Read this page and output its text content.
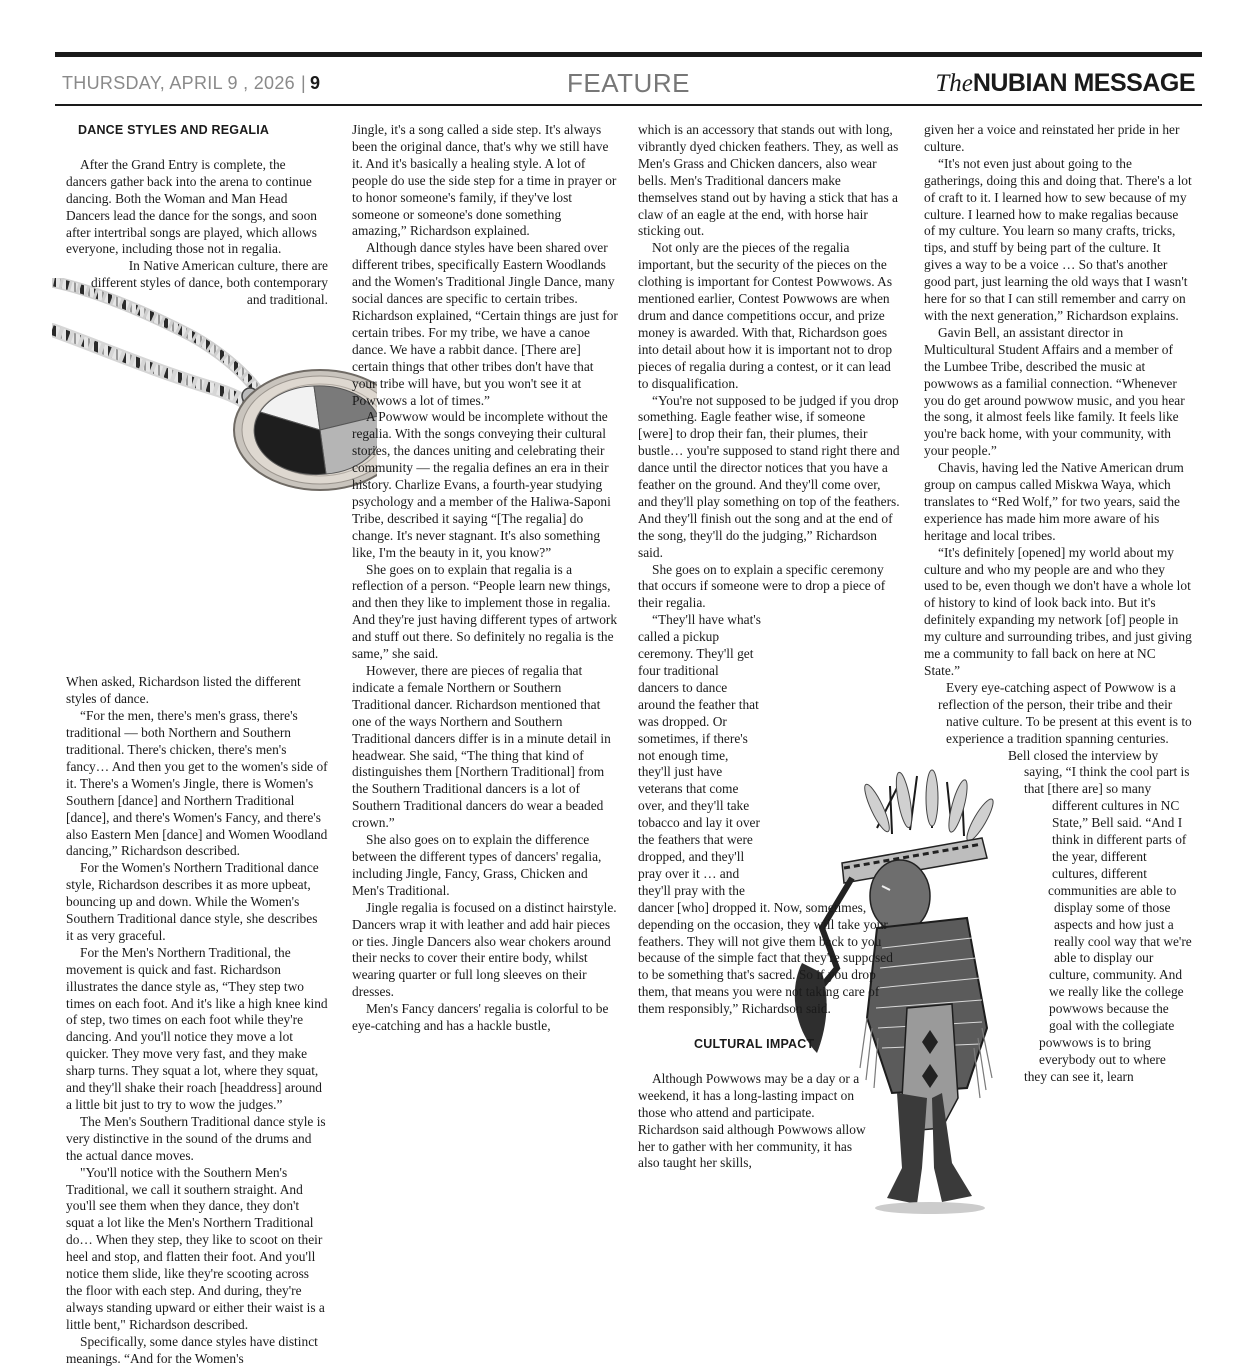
THURSDAY, APRIL 9 , 2026 | 9	FEATURE	TheNUBIAN MESSAGE

DANCE STYLES AND REGALIA

After the Grand Entry is complete, the dancers gather back into the arena to continue dancing. Both the Woman and Man Head Dancers lead the dance for the songs, and soon after intertribal songs are played, which allows everyone, including those not in regalia.

In Native American culture, there are different styles of dance, both contemporary and traditional.

When asked, Richardson listed the different styles of dance.

“For the men, there's men's grass, there's traditional — both Northern and Southern traditional. There's chicken, there's men's fancy… And then you get to the women's side of it. There's a Women's Jingle, there is Women's Southern [dance] and Northern Traditional [dance], and there's Women's Fancy, and there's also Eastern Men [dance] and Women Woodland dancing,” Richardson described.

For the Women's Northern Traditional dance style, Richardson describes it as more upbeat, bouncing up and down. While the Women's Southern Traditional dance style, she describes it as very graceful.

For the Men's Northern Traditional, the movement is quick and fast. Richardson illustrates the dance style as, “They step two times on each foot. And it's like a high knee kind of step, two times on each foot while they're dancing. And you'll notice they move a lot quicker. They move very fast, and they make sharp turns. They squat a lot, where they squat, and they'll shake their roach [headdress] around a little bit just to try to wow the judges.”

The Men's Southern Traditional dance style is very distinctive in the sound of the drums and the actual dance moves.

"You'll notice with the Southern Men's Traditional, we call it southern straight. And you'll see them when they dance, they don't squat a lot like the Men's Northern Traditional do… When they step, they like to scoot on their heel and stop, and flatten their foot. And you'll notice them slide, like they're scooting across the floor with each step. And during, they're always standing upward or either their waist is a little bent," Richardson described.

Specifically, some dance styles have distinct meanings. “And for the Women's

Jingle, it's a song called a side step. It's always been the original dance, that's why we still have it. And it's basically a healing style. A lot of people do use the side step for a time in prayer or to honor someone's family, if they've lost someone or someone's done something amazing,” Richardson explained.

Although dance styles have been shared over different tribes, specifically Eastern Woodlands and the Women's Traditional Jingle Dance, many social dances are specific to certain tribes. Richardson explained, “Certain things are just for certain tribes. For my tribe, we have a canoe dance. We have a rabbit dance. [There are] certain things that other tribes don't have that your tribe will have, but you won't see it at Powwows a lot of times.”

A Powwow would be incomplete without the regalia. With the songs conveying their cultural stories, the dances uniting and celebrating their community — the regalia defines an era in their history. Charlize Evans, a fourth-year studying psychology and a member of the Haliwa-Saponi Tribe, described it saying “[The regalia] do change. It's never stagnant. It's also something like, I'm the beauty in it, you know?”

She goes on to explain that regalia is a reflection of a person. “People learn new things, and then they like to implement those in regalia. And they're just having different types of artwork and stuff out there. So definitely no regalia is the same,” she said.

However, there are pieces of regalia that indicate a female Northern or Southern Traditional dancer. Richardson mentioned that one of the ways Northern and Southern Traditional dancers differ is in a minute detail in headwear. She said, “The thing that kind of distinguishes them [Northern Traditional] from the Southern Traditional dancers is a lot of Southern Traditional dancers do wear a beaded crown.”

She also goes on to explain the difference between the different types of dancers' regalia, including Jingle, Fancy, Grass, Chicken and Men's Traditional.

Jingle regalia is focused on a distinct hairstyle. Dancers wrap it with leather and add hair pieces or ties. Jingle Dancers also wear chokers around their necks to cover their entire body, whilst wearing quarter or full long sleeves on their dresses.

Men's Fancy dancers' regalia is colorful to be eye-catching and has a hackle bustle,

which is an accessory that stands out with long, vibrantly dyed chicken feathers. They, as well as Men's Grass and Chicken dancers, also wear bells. Men's Traditional dancers make themselves stand out by having a stick that has a claw of an eagle at the end, with horse hair sticking out.

Not only are the pieces of the regalia important, but the security of the pieces on the clothing is important for Contest Powwows. As mentioned earlier, Contest Powwows are when drum and dance competitions occur, and prize money is awarded. With that, Richardson goes into detail about how it is important not to drop pieces of regalia during a contest, or it can lead to disqualification.

“You're not supposed to be judged if you drop something. Eagle feather wise, if someone [were] to drop their fan, their plumes, their bustle… you're supposed to stand right there and dance until the director notices that you have a feather on the ground. And they'll come over, and they'll play something on top of the feathers. And they'll finish out the song and at the end of the song, they'll do the judging,” Richardson said.

She goes on to explain a specific ceremony that occurs if someone were to drop a piece of their regalia.

“They'll have what's called a pickup ceremony. They'll get four traditional dancers to dance around the feather that was dropped. Or sometimes, if there's not enough time, they'll just have veterans that come over, and they'll take tobacco and lay it over the feathers that were dropped, and they'll pray over it … and they'll pray with the dancer [who] dropped it. Now, sometimes, depending on the occasion, they will take your feathers. They will not give them back to you because of the simple fact that they're supposed to be something that's sacred. So if you drop them, that means you were not taking care of them responsibly,” Richardson said.

CULTURAL IMPACT

Although Powwows may be a day or a weekend, it has a long-lasting impact on those who attend and participate. Richardson said although Powwows allow her to gather with her community, it has also taught her skills,

given her a voice and reinstated her pride in her culture.

“It's not even just about going to the gatherings, doing this and doing that. There's a lot of craft to it. I learned how to sew because of my culture. I learned how to make regalias because of my culture. You learn so many crafts, tricks, tips, and stuff by being part of the culture. It gives a way to be a voice … So that's another good part, just learning the old ways that I wasn't here for so that I can still remember and carry on with the next generation,” Richardson explains.

Gavin Bell, an assistant director in Multicultural Student Affairs and a member of the Lumbee Tribe, described the music at powwows as a familial connection. “Whenever you do get around powwow music, and you hear the song, it almost feels like family. It feels like you're back home, with your community, with your people.”

Chavis, having led the Native American drum group on campus called Miskwa Waya, which translates to “Red Wolf,” for two years, said the experience has made him more aware of his heritage and local tribes.

“It's definitely [opened] my world about my culture and who my people are and who they used to be, even though we don't have a whole lot of history to kind of look back into. But it's definitely expanding my network [of] people in my culture and surrounding tribes, and just giving me a community to fall back on here at NC State.”

Every eye-catching aspect of Powwow is a reflection of the person, their tribe and their native culture. To be present at this event is to experience a tradition spanning centuries.

Bell closed the interview by saying, “I think the cool part is that [there are] so many different cultures in NC State,” Bell said. “And I think in different parts of the year, different cultures, different communities are able to display some of those aspects and how just a really cool way that we're able to display our culture, community. And we really like the college powwows because the goal with the collegiate powwows is to bring everybody out to where they can see it, learn
